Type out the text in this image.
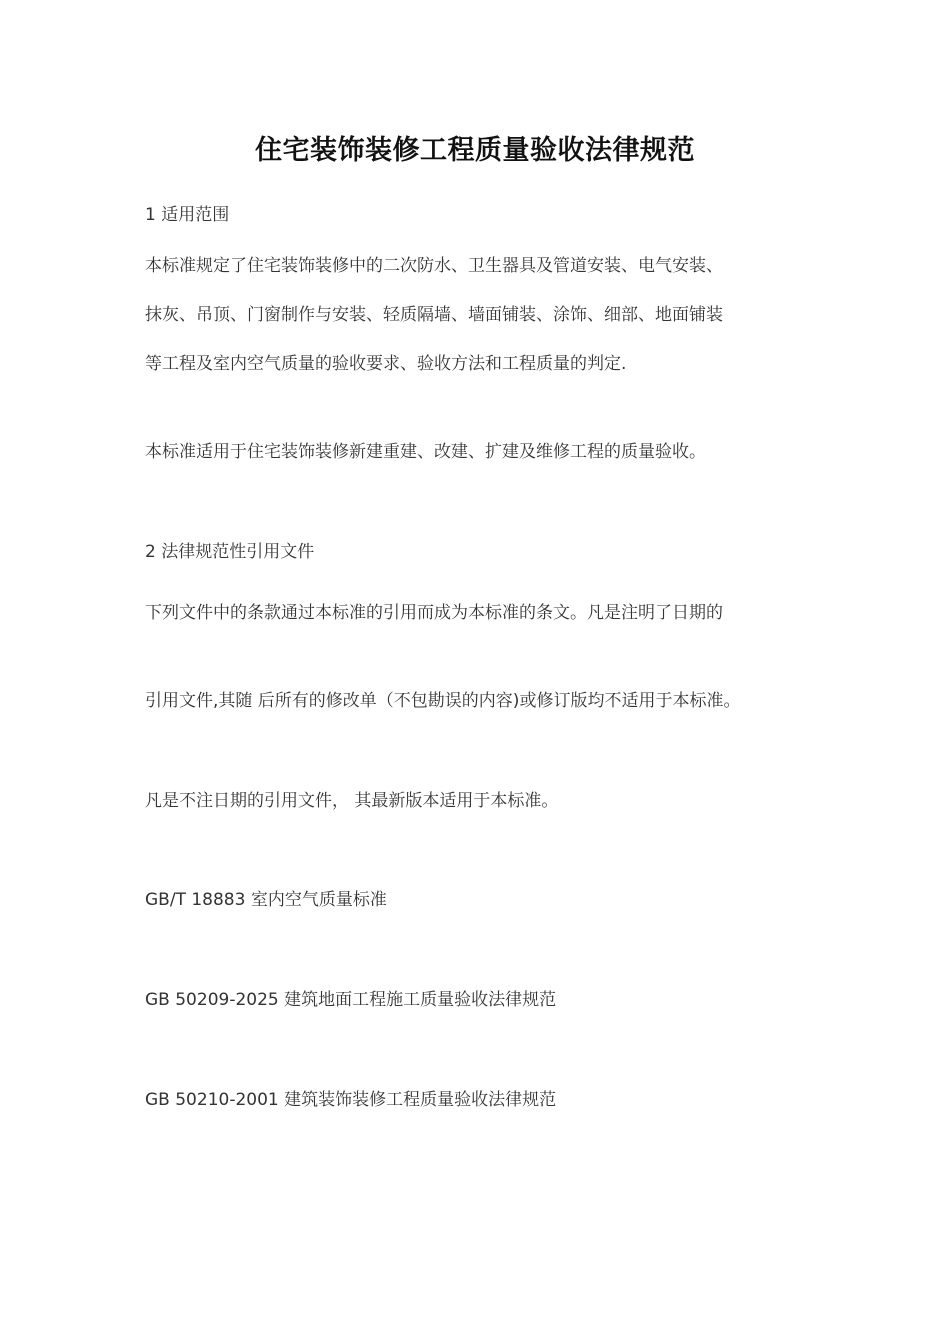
住宅装饰装修工程质量验收法律规范
1 适用范围
本标准规定了住宅装饰装修中的二次防水、卫生器具及管道安装、电气安装、
抹灰、吊顶、门窗制作与安装、轻质隔墙、墙面铺装、涂饰、细部、地面铺装
等工程及室内空气质量的验收要求、验收方法和工程质量的判定.
本标准适用于住宅装饰装修新建重建、改建、扩建及维修工程的质量验收。
2 法律规范性引用文件
下列文件中的条款通过本标准的引用而成为本标准的条文。凡是注明了日期的
引用文件,其随 后所有的修改单（不包勘误的内容)或修订版均不适用于本标准。
凡是不注日期的引用文件， 其最新版本适用于本标准。
GB/T 18883 室内空气质量标准
GB 50209-2025 建筑地面工程施工质量验收法律规范
GB 50210-2001 建筑装饰装修工程质量验收法律规范
